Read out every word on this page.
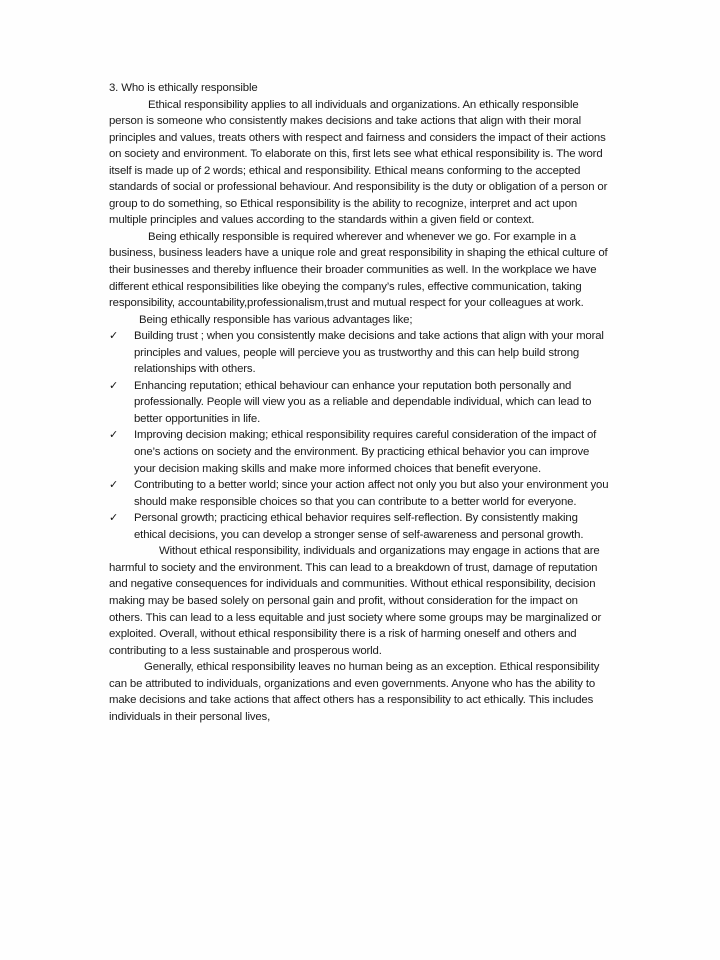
3. Who is ethically responsible

Ethical responsibility applies to all individuals and organizations. An ethically responsible person is someone who consistently makes decisions and take actions that align with their moral principles and values, treats others with respect and fairness and considers the impact of their actions on society and environment. To elaborate on this, first lets see what ethical responsibility is. The word itself is made up of 2 words; ethical and responsibility. Ethical means conforming to the accepted standards of social or professional behaviour. And responsibility is the duty or obligation of a person or group to do something, so Ethical responsibility is the ability to recognize, interpret and act upon multiple principles and values according to the standards within a given field or context.

Being ethically responsible is required wherever and whenever we go. For example in a business, business leaders have a unique role and great responsibility in shaping the ethical culture of their businesses and thereby influence their broader communities as well. In the workplace we have different ethical responsibilities like obeying the company’s rules, effective communication, taking responsibility, accountability,professionalism,trust and mutual respect for your colleagues at work.

Being ethically responsible has various advantages like;

✓ Building trust ; when you consistently make decisions and take actions that align with your moral principles and values, people will percieve you as trustworthy and this can help build strong relationships with others.
✓ Enhancing reputation; ethical behaviour can enhance your reputation both personally and professionally. People will view you as a reliable and dependable individual, which can lead to better opportunities in life.
✓ Improving decision making; ethical responsibility requires careful consideration of the impact of one’s actions on society and the environment. By practicing ethical behavior you can improve your decision making skills and make more informed choices that benefit everyone.
✓ Contributing to a better world; since your action affect not only you but also your environment you should make responsible choices so that you can contribute to a better world for everyone.
✓ Personal growth; practicing ethical behavior requires self-reflection. By consistently making ethical decisions, you can develop a stronger sense of self-awareness and personal growth.

Without ethical responsibility, individuals and organizations may engage in actions that are harmful to society and the environment. This can lead to a breakdown of trust, damage of reputation and negative consequences for individuals and communities. Without ethical responsibility, decision making may be based solely on personal gain and profit, without consideration for the impact on others. This can lead to a less equitable and just society where some groups may be marginalized or exploited. Overall, without ethical responsibility there is a risk of harming oneself and others and contributing to a less sustainable and prosperous world.

Generally, ethical responsibility leaves no human being as an exception. Ethical responsibility can be attributed to individuals, organizations and even governments. Anyone who has the ability to make decisions and take actions that affect others has a responsibility to act ethically. This includes individuals in their personal lives,
